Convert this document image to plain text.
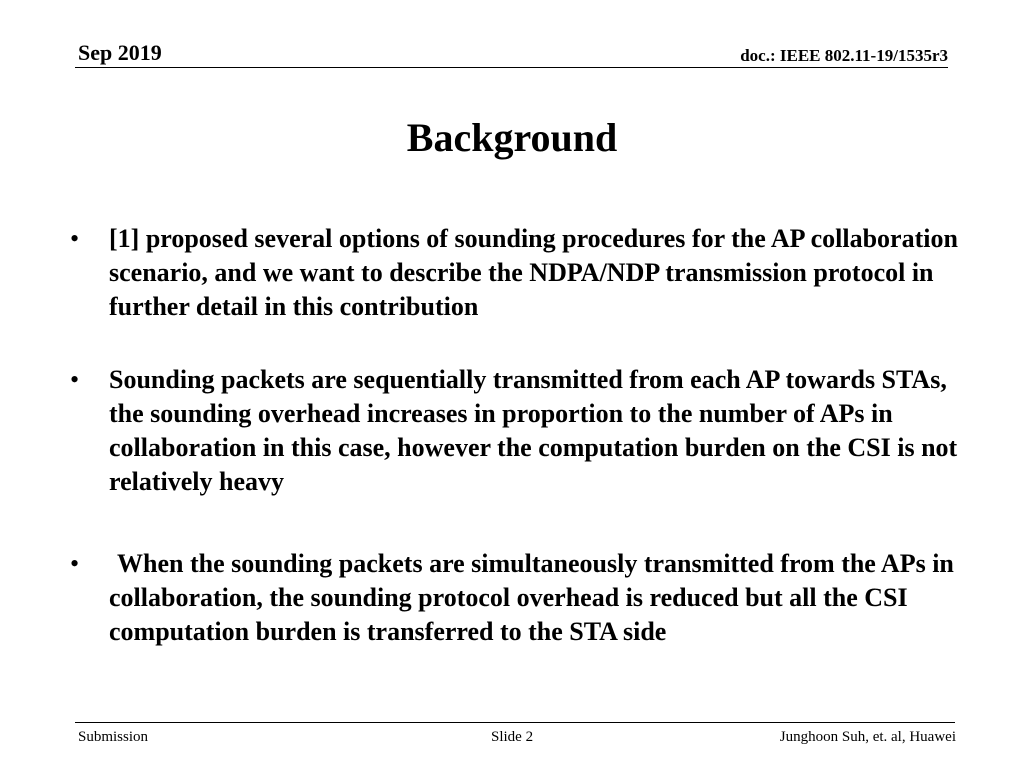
Sep 2019	doc.: IEEE 802.11-19/1535r3
Background
• [1] proposed several options of sounding procedures for the AP collaboration scenario, and we want to describe the NDPA/NDP transmission protocol in further detail in this contribution
• Sounding packets are sequentially transmitted from each AP towards STAs, the sounding overhead increases in proportion to the number of APs in collaboration in this case, however the computation burden on the CSI is not relatively heavy
•	When the sounding packets are simultaneously transmitted from the APs in collaboration, the sounding protocol overhead is reduced but all the CSI computation burden is transferred to the STA side
Submission	Slide 2	Junghoon Suh, et. al, Huawei
